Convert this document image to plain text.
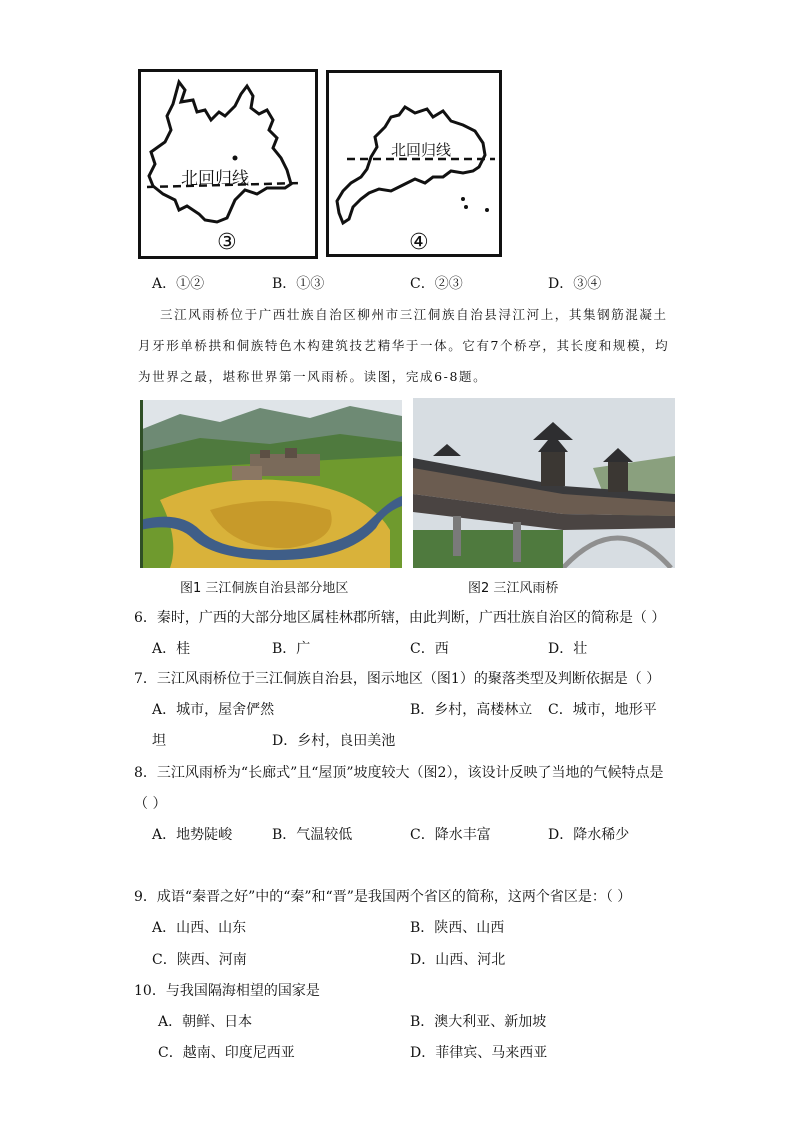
北回归线
③
北回归线
④
A．①②	B．①③	C．②③	D．③④
三江风雨桥位于广西壮族自治区柳州市三江侗族自治县浔江河上，其集钢筋混凝土
月牙形单桥拱和侗族特色木构建筑技艺精华于一体。它有7个桥亭，其长度和规模，均
为世界之最，堪称世界第一风雨桥。读图，完成6-8题。
图1 三江侗族自治县部分地区	图2 三江风雨桥
6．秦时，广西的大部分地区属桂林郡所辖，由此判断，广西壮族自治区的简称是（ ）
A．桂	B．广	C．西	D．壮
7．三江风雨桥位于三江侗族自治县，图示地区（图1）的聚落类型及判断依据是（ ）
A．城市，屋舍俨然	B．乡村，高楼林立 C．城市，地形平
坦	D．乡村，良田美池
8．三江风雨桥为“长廊式”且“屋顶”坡度较大（图2），该设计反映了当地的气候特点是
（ ）
A．地势陡峻	B．气温较低	C．降水丰富	D．降水稀少
9．成语“秦晋之好”中的“秦”和“晋”是我国两个省区的简称，这两个省区是：（ ）
A．山西、山东	B．陕西、山西
C．陕西、河南	D．山西、河北
10．与我国隔海相望的国家是
A．朝鲜、日本	B．澳大利亚、新加坡
C．越南、印度尼西亚	D．菲律宾、马来西亚
